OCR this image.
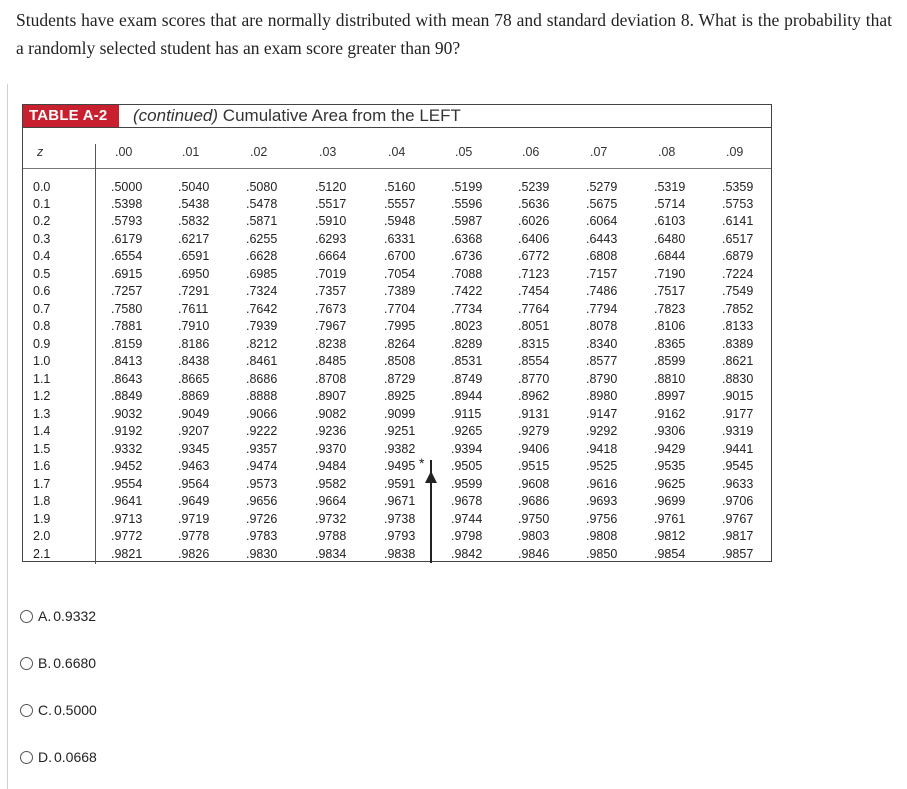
Students have exam scores that are normally distributed with mean 78 and standard deviation 8. What is the probability that a randomly selected student has an exam score greater than 90?
TABLE A-2	(continued) Cumulative Area from the LEFT
z	.00	.01	.02	.03	.04	.05	.06	.07	.08	.09
0.0	.5000	.5040	.5080	.5120	.5160	.5199	.5239	.5279	.5319	.5359
0.1	.5398	.5438	.5478	.5517	.5557	.5596	.5636	.5675	.5714	.5753
0.2	.5793	.5832	.5871	.5910	.5948	.5987	.6026	.6064	.6103	.6141
0.3	.6179	.6217	.6255	.6293	.6331	.6368	.6406	.6443	.6480	.6517
0.4	.6554	.6591	.6628	.6664	.6700	.6736	.6772	.6808	.6844	.6879
0.5	.6915	.6950	.6985	.7019	.7054	.7088	.7123	.7157	.7190	.7224
0.6	.7257	.7291	.7324	.7357	.7389	.7422	.7454	.7486	.7517	.7549
0.7	.7580	.7611	.7642	.7673	.7704	.7734	.7764	.7794	.7823	.7852
0.8	.7881	.7910	.7939	.7967	.7995	.8023	.8051	.8078	.8106	.8133
0.9	.8159	.8186	.8212	.8238	.8264	.8289	.8315	.8340	.8365	.8389
1.0	.8413	.8438	.8461	.8485	.8508	.8531	.8554	.8577	.8599	.8621
1.1	.8643	.8665	.8686	.8708	.8729	.8749	.8770	.8790	.8810	.8830
1.2	.8849	.8869	.8888	.8907	.8925	.8944	.8962	.8980	.8997	.9015
1.3	.9032	.9049	.9066	.9082	.9099	.9115	.9131	.9147	.9162	.9177
1.4	.9192	.9207	.9222	.9236	.9251	.9265	.9279	.9292	.9306	.9319
1.5	.9332	.9345	.9357	.9370	.9382	.9394	.9406	.9418	.9429	.9441
1.6	.9452	.9463	.9474	.9484	.9495	.9505	.9515	.9525	.9535	.9545
1.7	.9554	.9564	.9573	.9582	.9591	.9599	.9608	.9616	.9625	.9633
1.8	.9641	.9649	.9656	.9664	.9671	.9678	.9686	.9693	.9699	.9706
1.9	.9713	.9719	.9726	.9732	.9738	.9744	.9750	.9756	.9761	.9767
2.0	.9772	.9778	.9783	.9788	.9793	.9798	.9803	.9808	.9812	.9817
2.1	.9821	.9826	.9830	.9834	.9838	.9842	.9846	.9850	.9854	.9857
*
A. 0.9332
B. 0.6680
C. 0.5000
D. 0.0668
